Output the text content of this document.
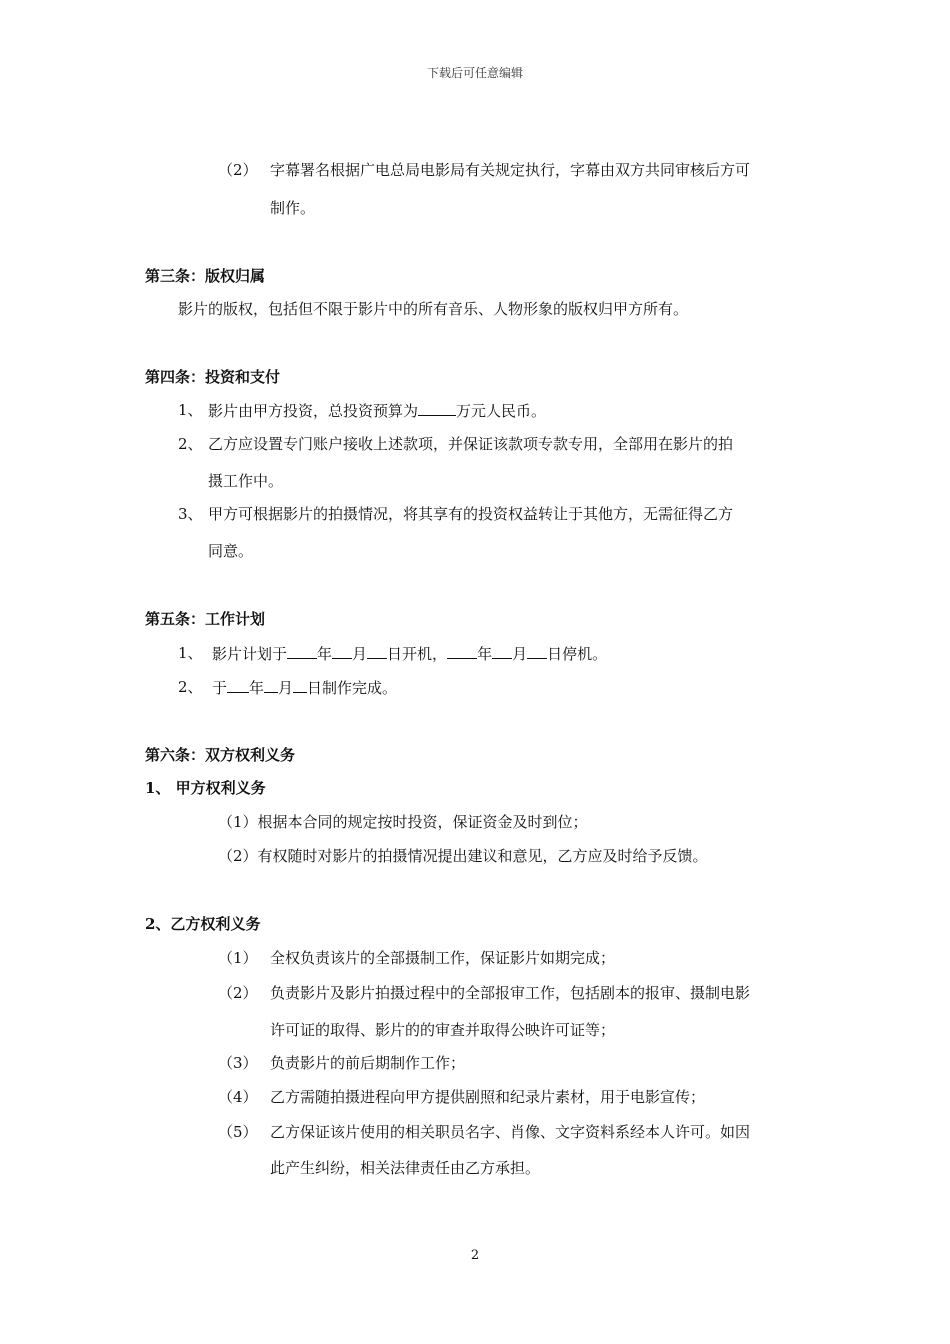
下载后可任意编辑
（2） 字幕署名根据广电总局电影局有关规定执行，字幕由双方共同审核后方可
制作。
第三条：版权归属
影片的版权，包括但不限于影片中的所有音乐、人物形象的版权归甲方所有。
第四条：投资和支付
1、 影片由甲方投资，总投资预算为	万元人民币。
2、 乙方应设置专门账户接收上述款项，并保证该款项专款专用，全部用在影片的拍
摄工作中。
3、 甲方可根据影片的拍摄情况，将其享有的投资权益转让于其他方，无需征得乙方
同意。
第五条：工作计划
1、 影片计划于 年 月 日开机， 年 月 日停机。
2、 于 年 月 日制作完成。
第六条：双方权利义务
1、 甲方权利义务
（1）根据本合同的规定按时投资，保证资金及时到位；
（2）有权随时对影片的拍摄情况提出建议和意见，乙方应及时给予反馈。
2、乙方权利义务
（1） 全权负责该片的全部摄制工作，保证影片如期完成；
（2） 负责影片及影片拍摄过程中的全部报审工作，包括剧本的报审、摄制电影
许可证的取得、影片的的审查并取得公映许可证等；
（3） 负责影片的前后期制作工作；
（4） 乙方需随拍摄进程向甲方提供剧照和纪录片素材，用于电影宣传；
（5） 乙方保证该片使用的相关职员名字、肖像、文字资料系经本人许可。如因
此产生纠纷，相关法律责任由乙方承担。
2
